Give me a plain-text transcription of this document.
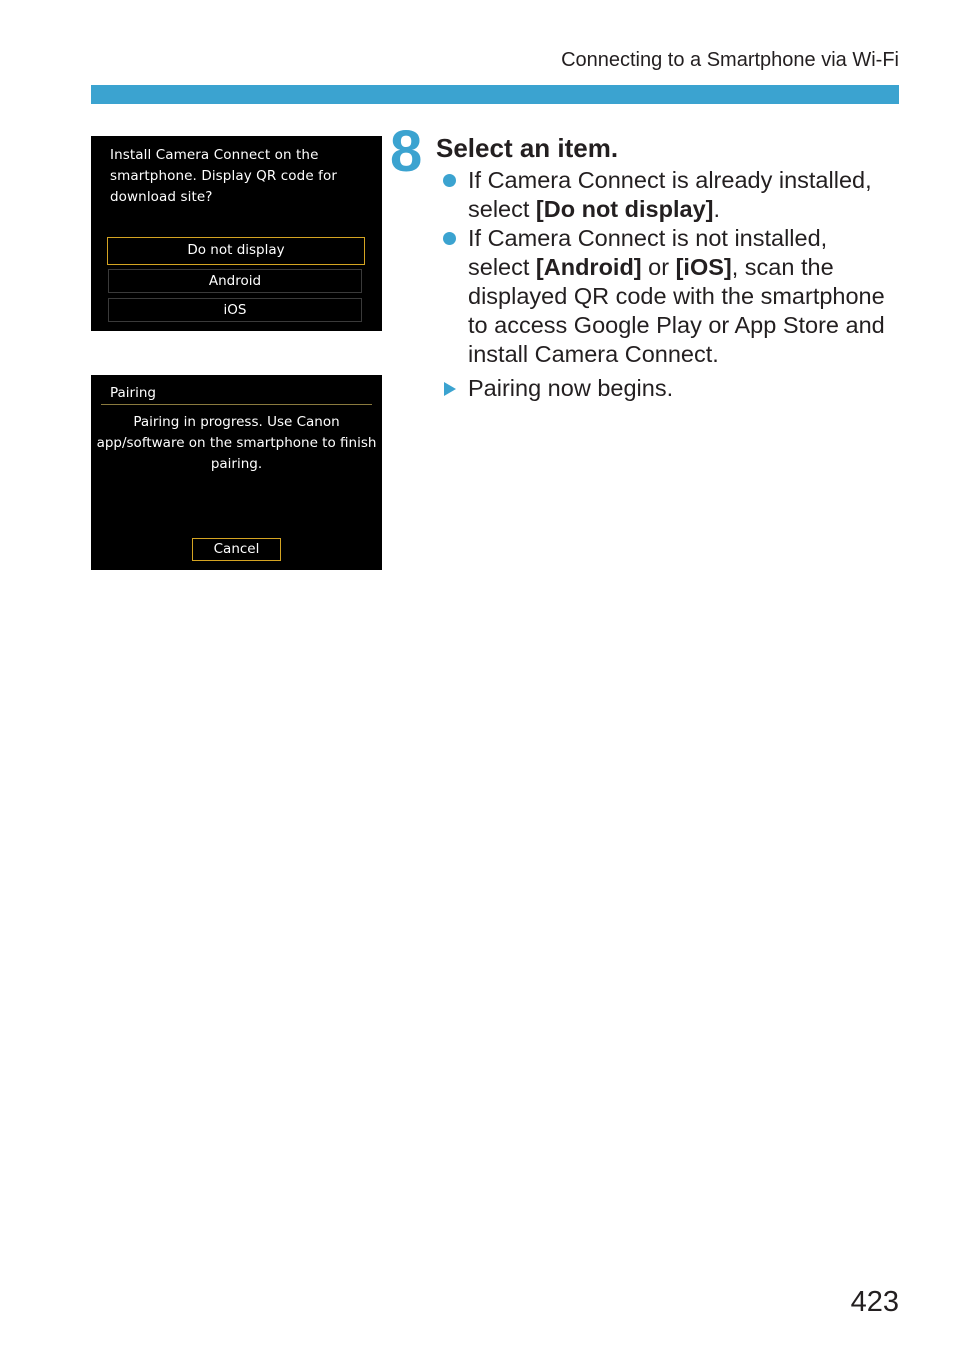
Connecting to a Smartphone via Wi-Fi
Install Camera Connect on the smartphone. Display QR code for download site?
Do not display
Android
iOS
Pairing
Pairing in progress. Use Canon app/software on the smartphone to finish pairing.
Cancel
8 Select an item.
If Camera Connect is already installed,
select [Do not display].
If Camera Connect is not installed,
select [Android] or [iOS], scan the displayed QR code with the smartphone to access Google Play or App Store and install Camera Connect.
Pairing now begins.
423
